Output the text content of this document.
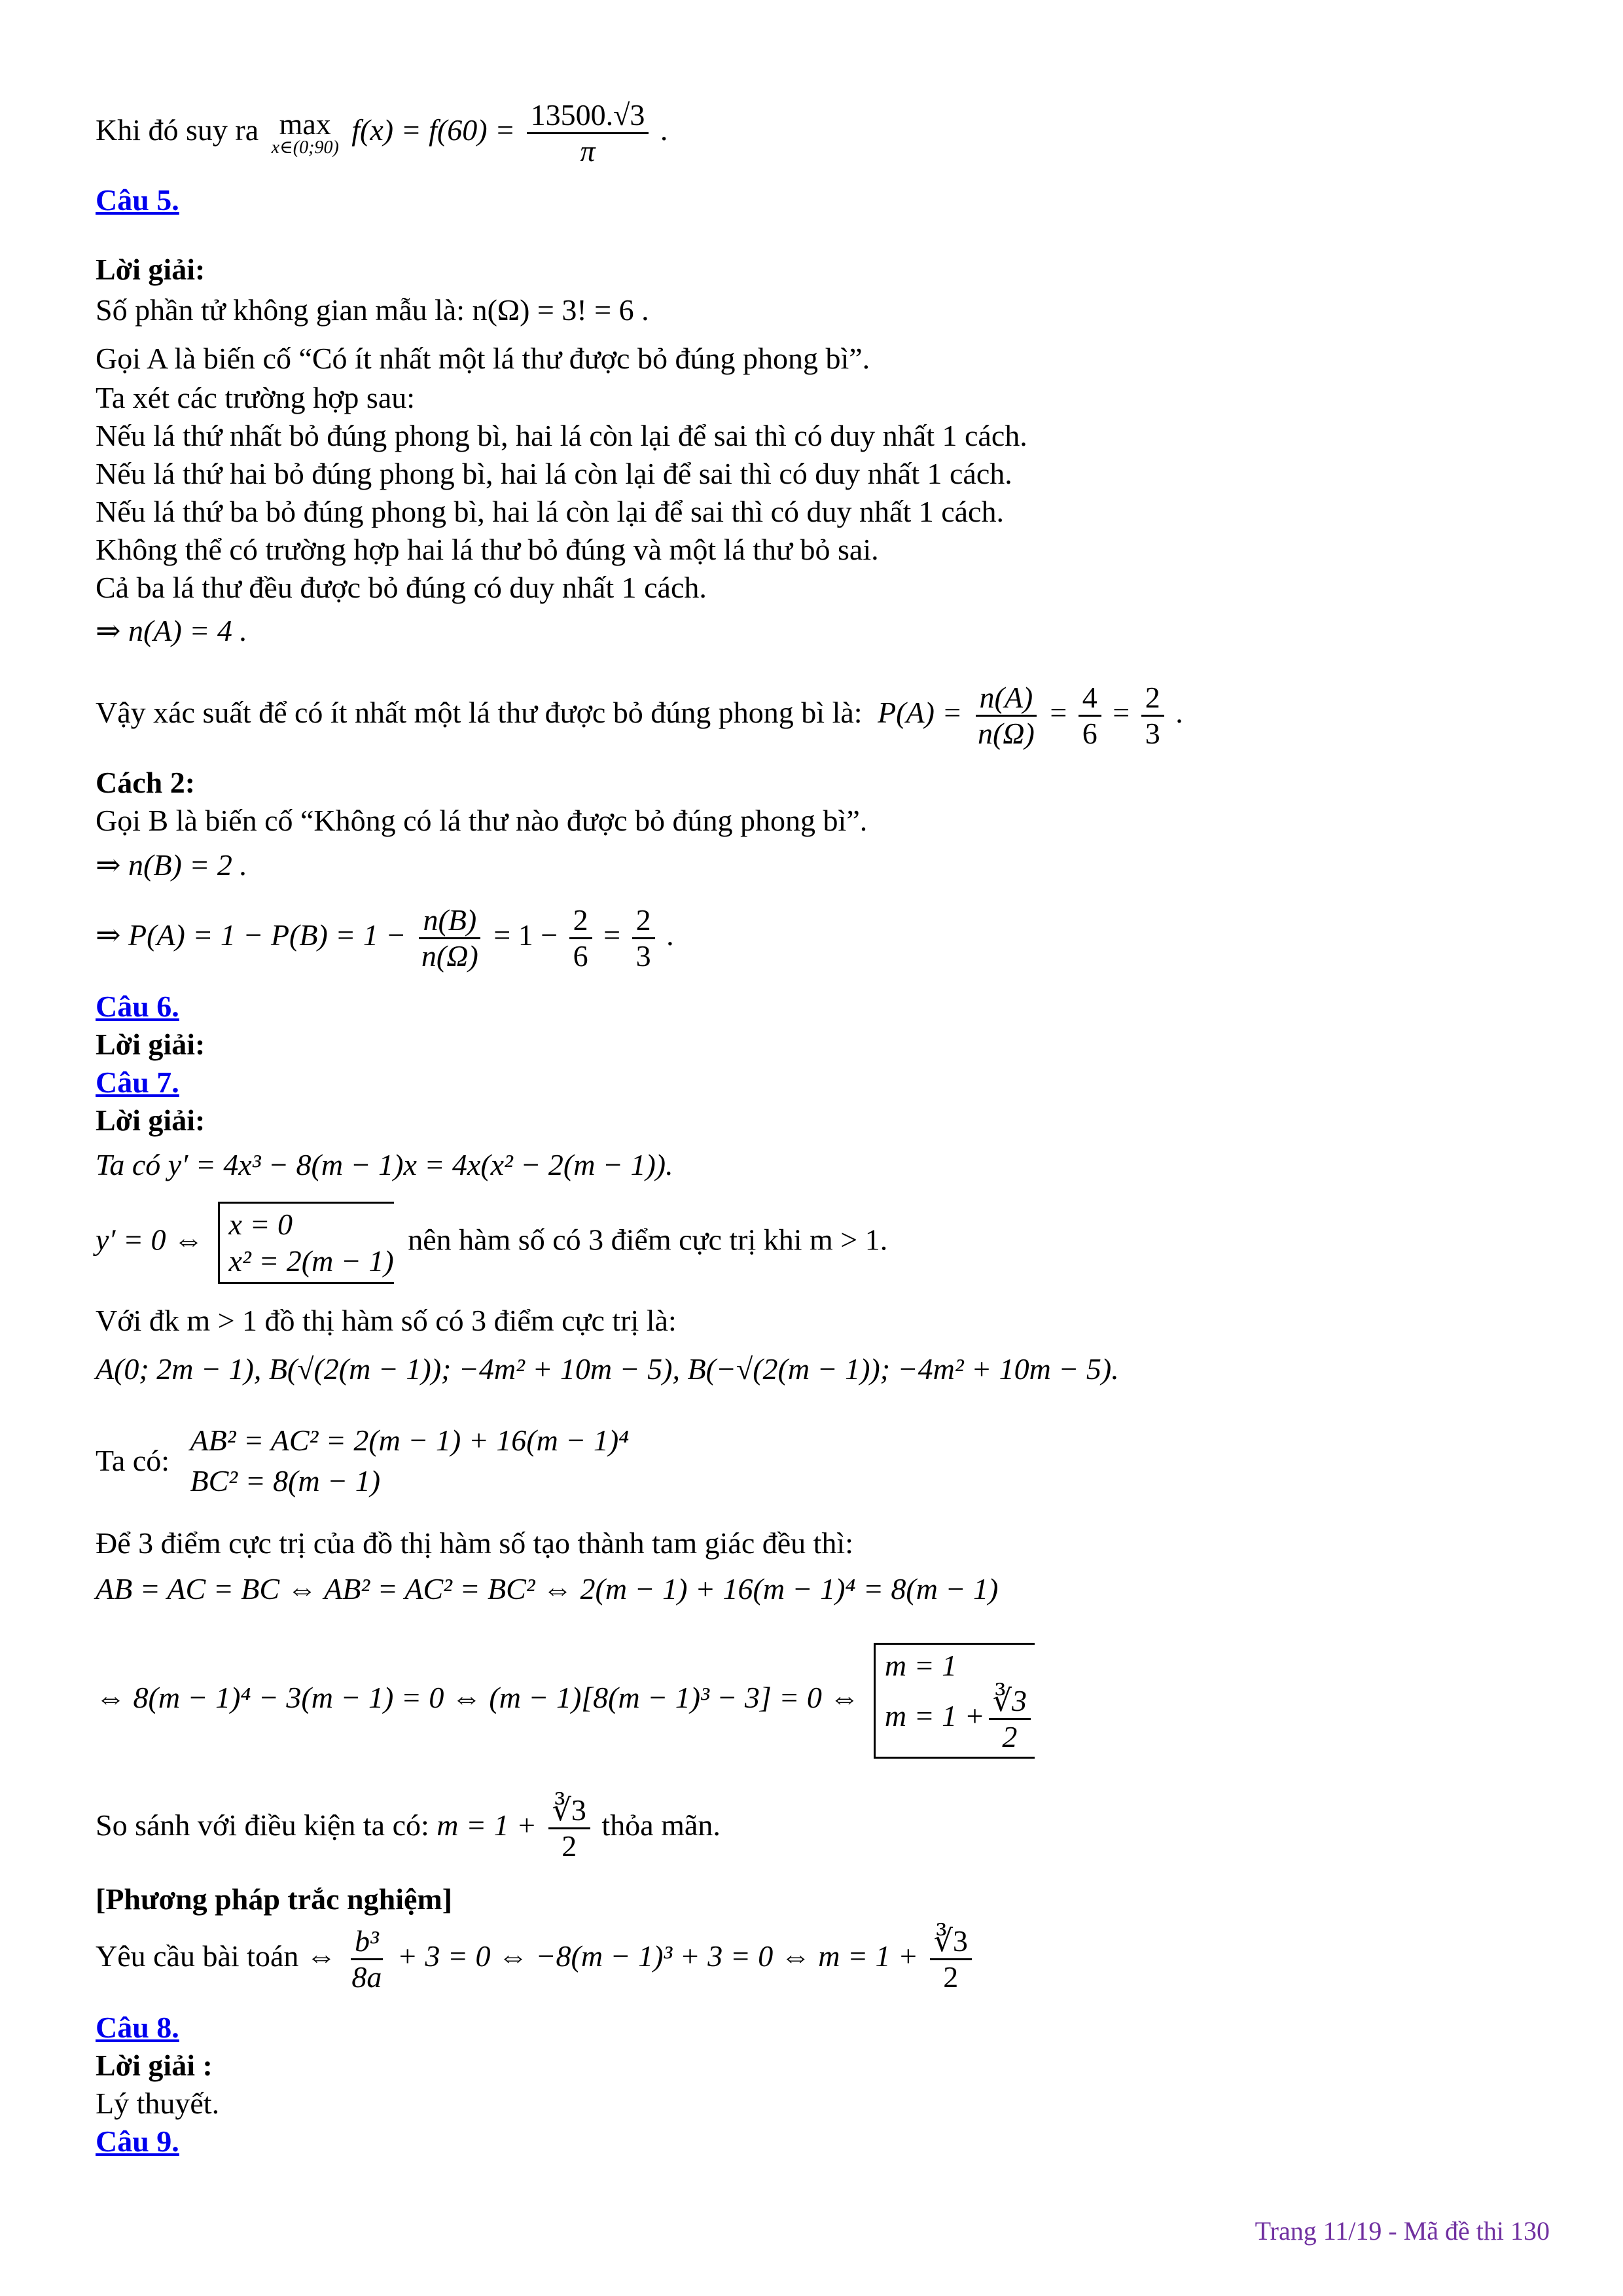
Khi đó suy ra max
x∈(0;90)
$f(x) = f(60) = \frac{13500.√3}{\pi}$ .
Câu 5.
Lời giải:
Số phần tử không gian mẫu là: n(Ω) = 3! = 6 .
Gọi A là biến cố “Có ít nhất một lá thư được bỏ đúng phong bì”.
Ta xét các trường hợp sau:
Nếu lá thứ nhất bỏ đúng phong bì, hai lá còn lại để sai thì có duy nhất 1 cách.
Nếu lá thứ hai bỏ đúng phong bì, hai lá còn lại để sai thì có duy nhất 1 cách.
Nếu lá thứ ba bỏ đúng phong bì, hai lá còn lại để sai thì có duy nhất 1 cách.
Không thể có trường hợp hai lá thư bỏ đúng và một lá thư bỏ sai.
Cả ba lá thư đều được bỏ đúng có duy nhất 1 cách.
⇒ n(A) = 4 .
Vậy xác suất để có ít nhất một lá thư được bỏ đúng phong bì là: $P(A) = \frac{n(A)}{n(\Omega)} = \frac{4}{6} = \frac{2}{3}$ .
Cách 2:
Gọi B là biến cố “Không có lá thư nào được bỏ đúng phong bì”.
⇒ n(B) = 2 .
⇒ $P(A) = 1 - P(B) = 1 - \frac{n(B)}{n(\Omega)} = 1 - \frac{2}{6} = \frac{2}{3}$ .
Câu 6.
Lời giải:
Câu 7.
Lời giải:
Ta có y′ = 4x³ − 8(m − 1)x = 4x(x² − 2(m − 1)).
y′ = 0 ⇔ x = 0
x² = 2(m − 1)
nên hàm số có 3 điểm cực trị khi m > 1.
Với đk m > 1 đồ thị hàm số có 3 điểm cực trị là:
A(0; 2m − 1), B(√(2(m − 1)); −4m² + 10m − 5), B(−√(2(m − 1)); −4m² + 10m − 5).
Ta có:
AB² = AC² = 2(m − 1) + 16(m − 1)⁴
BC² = 8(m − 1)
Để 3 điểm cực trị của đồ thị hàm số tạo thành tam giác đều thì:
AB = AC = BC ⇔ AB² = AC² = BC² ⇔ 2(m − 1) + 16(m − 1)⁴ = 8(m − 1)
⇔ 8(m − 1)⁴ − 3(m − 1) = 0 ⇔ (m − 1)[8(m − 1)³ − 3] = 0 ⇔
m = 1
$m = 1 + \frac{∛3}{2}$
So sánh với điều kiện ta có: $m = 1 + \frac{∛3}{2}$ thỏa mãn.
[Phương pháp trắc nghiệm]
Yêu cầu bài toán ⇔ $\frac{\text{b³}}{8a} + 3 = 0$ ⇔ −8(m − 1)³ + 3 = 0 ⇔ $m = 1 + \frac{∛3}{2}$
Câu 8.
Lời giải :
Lý thuyết.
Câu 9.
Trang 11/19 - Mã đề thi 130
